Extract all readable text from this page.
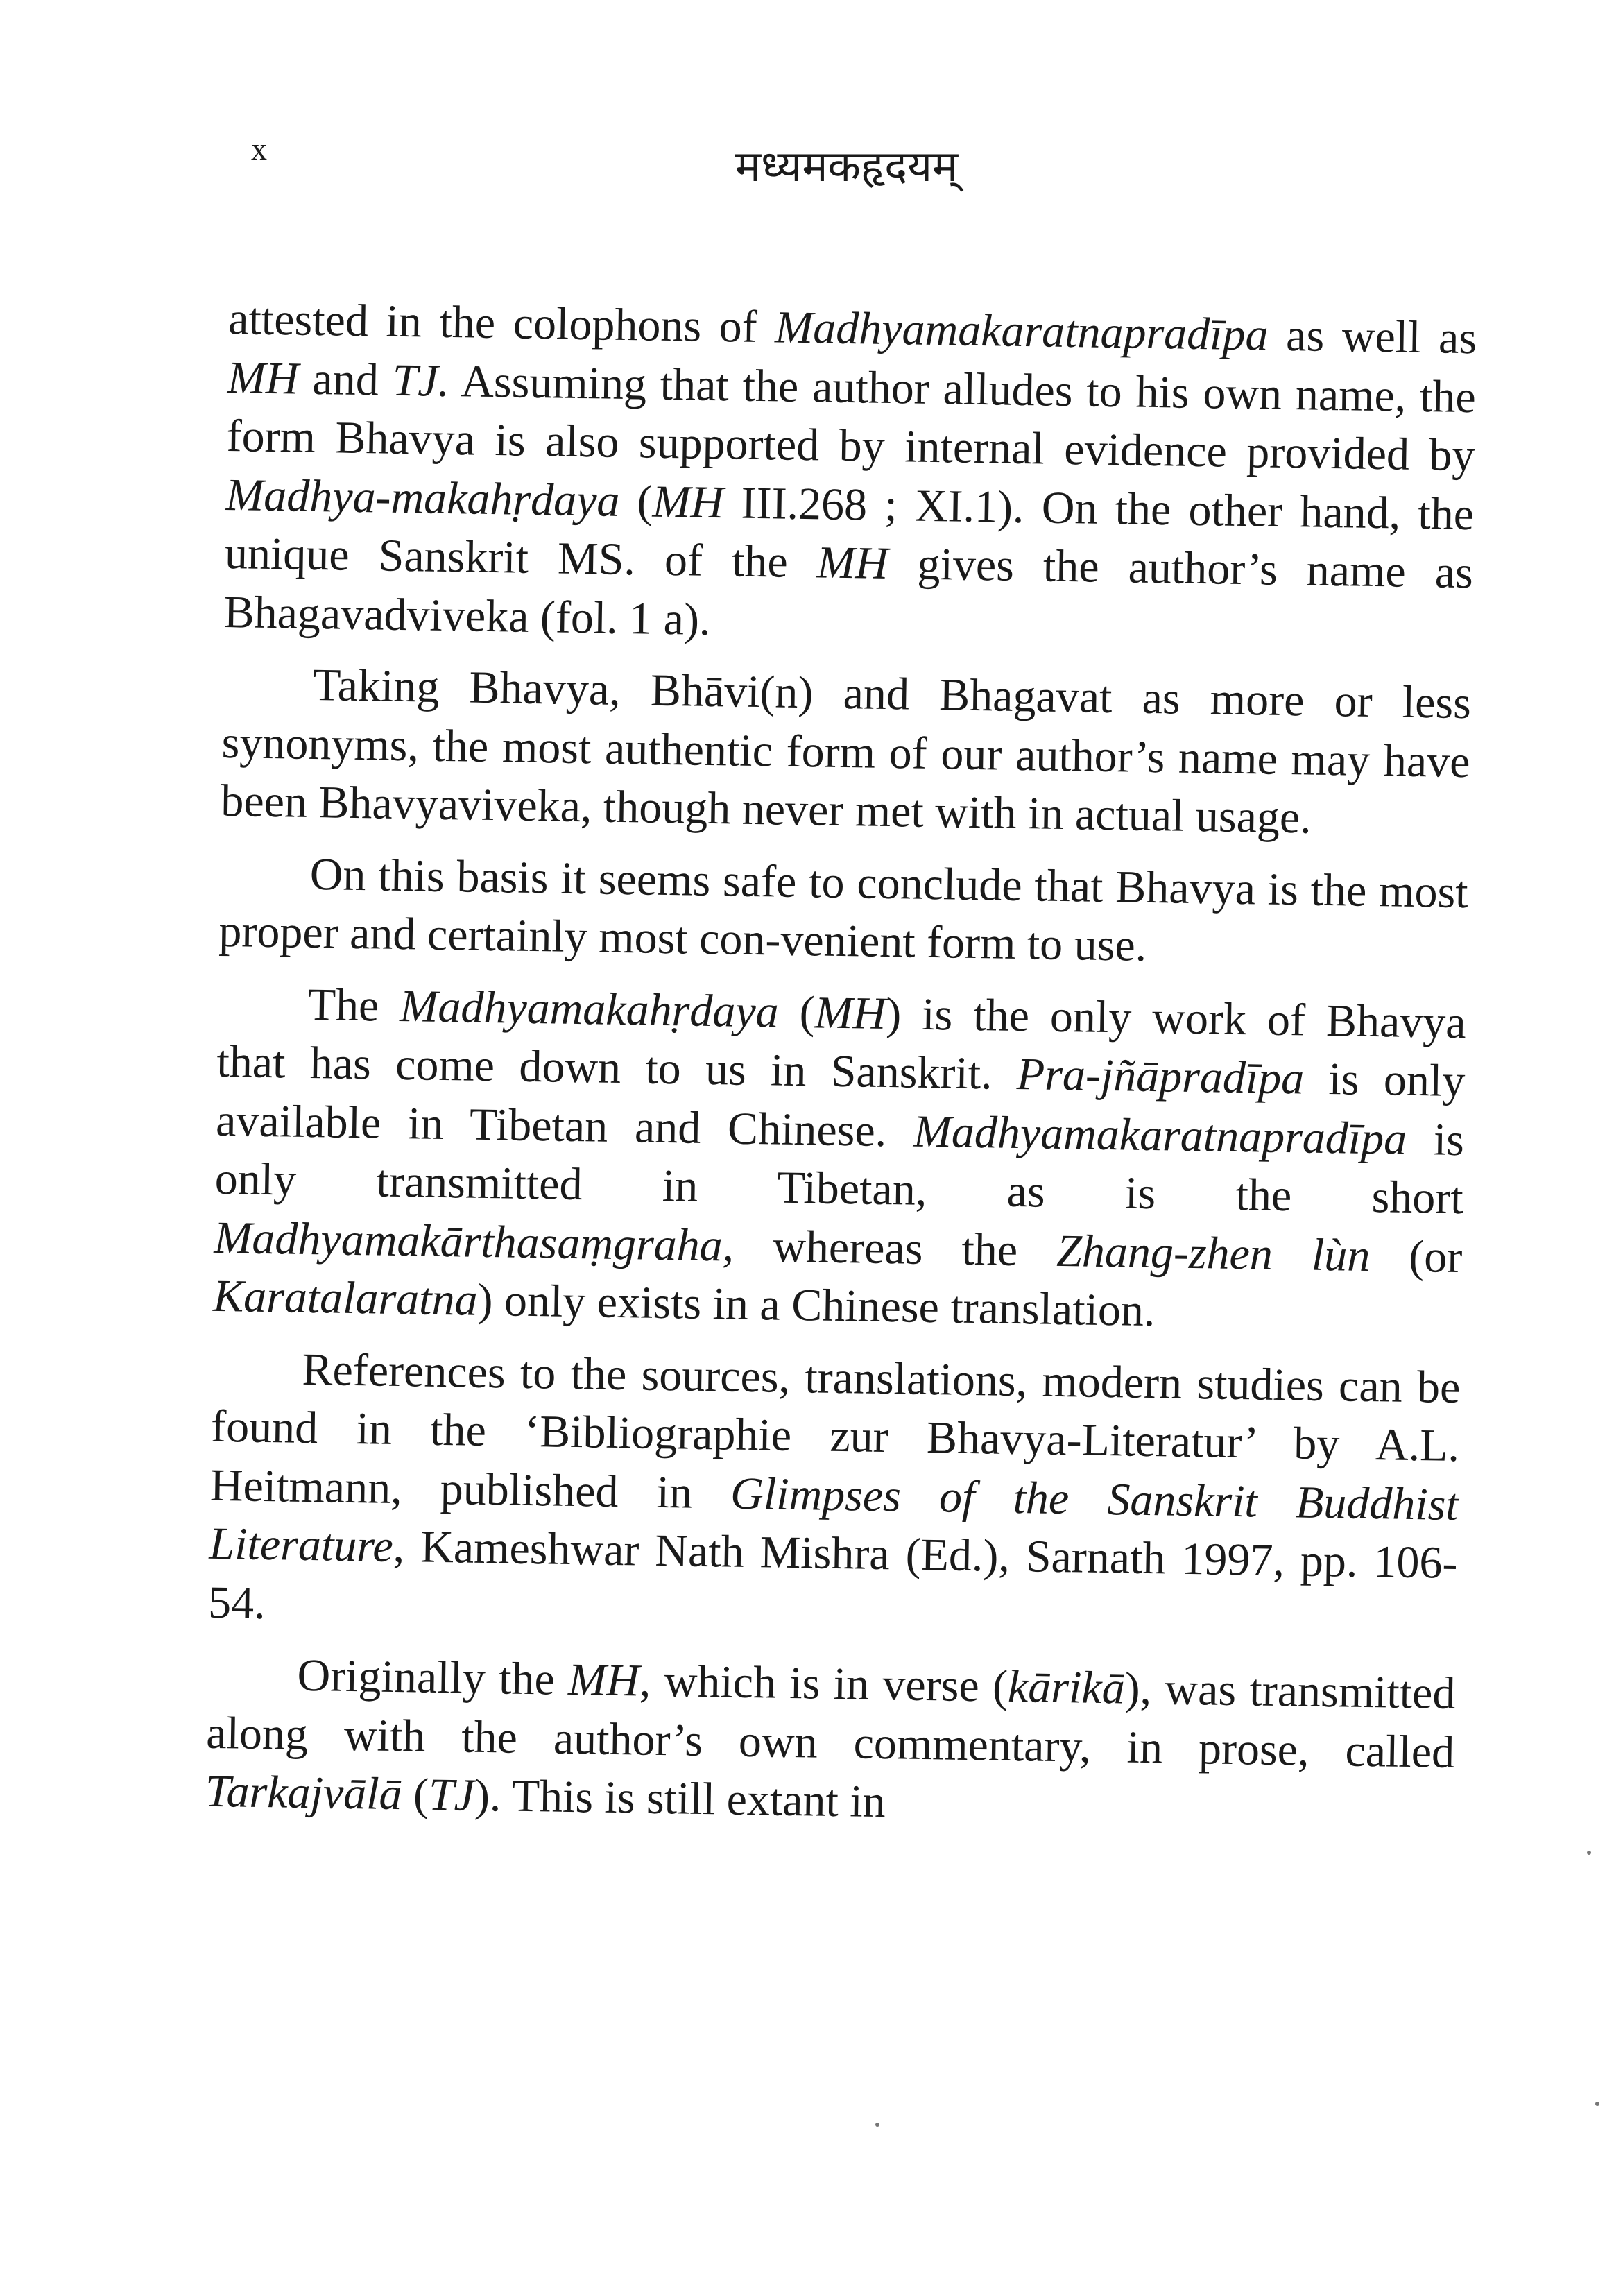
x	मध्यमकहृदयम्

attested in the colophons of Madhyamakaratnapradīpa as well as MH and TJ. Assuming that the author alludes to his own name, the form Bhavya is also supported by internal evidence provided by Madhya-makahṛdaya (MH III.268 ; XI.1). On the other hand, the unique Sanskrit MS. of the MH gives the author’s name as Bhagavadviveka (fol. 1 a).

Taking Bhavya, Bhāvi(n) and Bhagavat as more or less synonyms, the most authentic form of our author’s name may have been Bhavyaviveka, though never met with in actual usage.

On this basis it seems safe to conclude that Bhavya is the most proper and certainly most con-venient form to use.

The Madhyamakahṛdaya (MH) is the only work of Bhavya that has come down to us in Sanskrit. Pra-jñāpradīpa is only available in Tibetan and Chinese. Madhyamakaratnapradīpa is only transmitted in Tibetan, as is the short Madhyamakārthasaṃgraha, whereas the Zhang-zhen lùn (or Karatalaratna) only exists in a Chinese translation.

References to the sources, translations, modern studies can be found in the ‘Bibliographie zur Bhavya-Literatur’ by A.L. Heitmann, published in Glimpses of the Sanskrit Buddhist Literature, Kameshwar Nath Mishra (Ed.), Sarnath 1997, pp. 106-54.

Originally the MH, which is in verse (kārikā), was transmitted along with the author’s own commentary, in prose, called Tarkajvālā (TJ). This is still extant in
